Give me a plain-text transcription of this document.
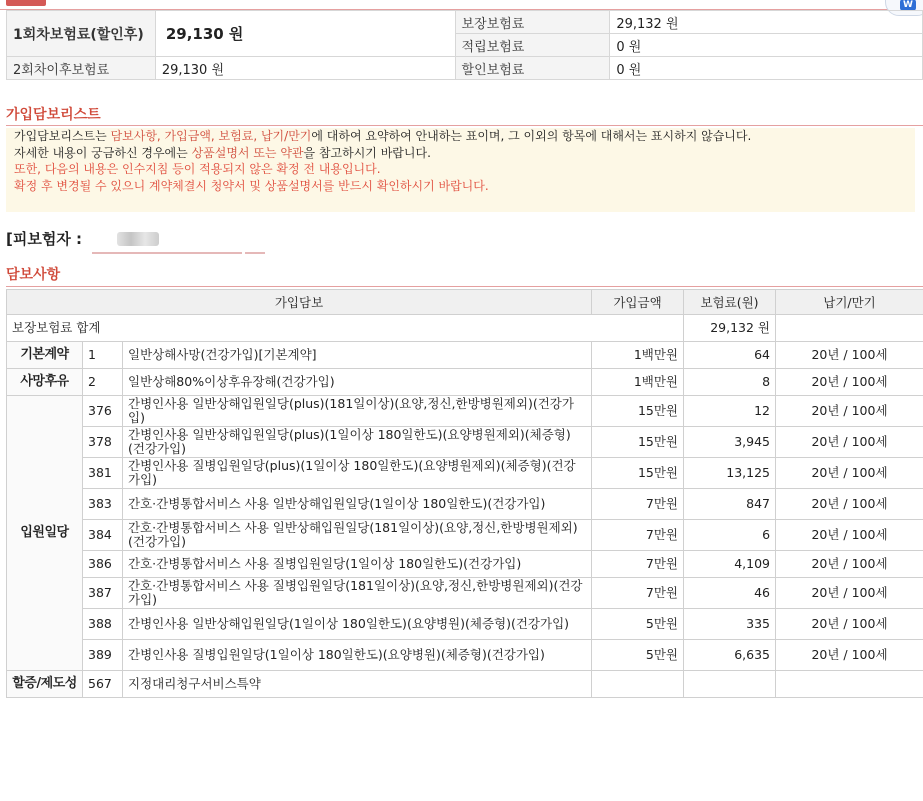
W
1회차보험료(할인후)	29,130 원	보장보험료	29,132 원
		적립보험료	0 원
2회차이후보험료	29,130 원	할인보험료	0 원
가입담보리스트

가입담보리스트는 담보사항, 가입금액, 보험료, 납기/만기에 대하여 요약하여 안내하는 표이며, 그 이외의 항목에 대해서는 표시하지 않습니다.

자세한 내용이 궁금하신 경우에는 상품설명서 또는 약관을 참고하시기 바랍니다.

또한, 다음의 내용은 인수지침 등이 적용되지 않은 확정 전 내용입니다.

확정 후 변경될 수 있으니 계약체결시 청약서 및 상품설명서를 반드시 확인하시기 바랍니다.

[피보험자 :
담보사항
가입담보			가입금액	보험료(원)	납기/만기
보장보험료 합계				29,132 원	
기본계약	1	일반상해사망(건강가입)[기본계약]	1백만원	64	20년 / 100세
사망후유	2	일반상해80%이상후유장해(건강가입)	1백만원	8	20년 / 100세
입원일당	376	간병인사용 일반상해입원일당(plus)(181일이상)(요양,정신,한방병원제외)(건강가입)	15만원	12	20년 / 100세
	378	간병인사용 일반상해입원일당(plus)(1일이상 180일한도)(요양병원제외)(체증형)(건강가입)	15만원	3,945	20년 / 100세
	381	간병인사용 질병입원일당(plus)(1일이상 180일한도)(요양병원제외)(체증형)(건강가입)	15만원	13,125	20년 / 100세
	383	간호·간병통합서비스 사용 일반상해입원일당(1일이상 180일한도)(건강가입)	7만원	847	20년 / 100세
	384	간호·간병통합서비스 사용 일반상해입원일당(181일이상)(요양,정신,한방병원제외)(건강가입)	7만원	6	20년 / 100세
	386	간호·간병통합서비스 사용 질병입원일당(1일이상 180일한도)(건강가입)	7만원	4,109	20년 / 100세
	387	간호·간병통합서비스 사용 질병입원일당(181일이상)(요양,정신,한방병원제외)(건강가입)	7만원	46	20년 / 100세
	388	간병인사용 일반상해입원일당(1일이상 180일한도)(요양병원)(체증형)(건강가입)	5만원	335	20년 / 100세
	389	간병인사용 질병입원일당(1일이상 180일한도)(요양병원)(체증형)(건강가입)	5만원	6,635	20년 / 100세
할증/제도성	567	지정대리청구서비스특약			
